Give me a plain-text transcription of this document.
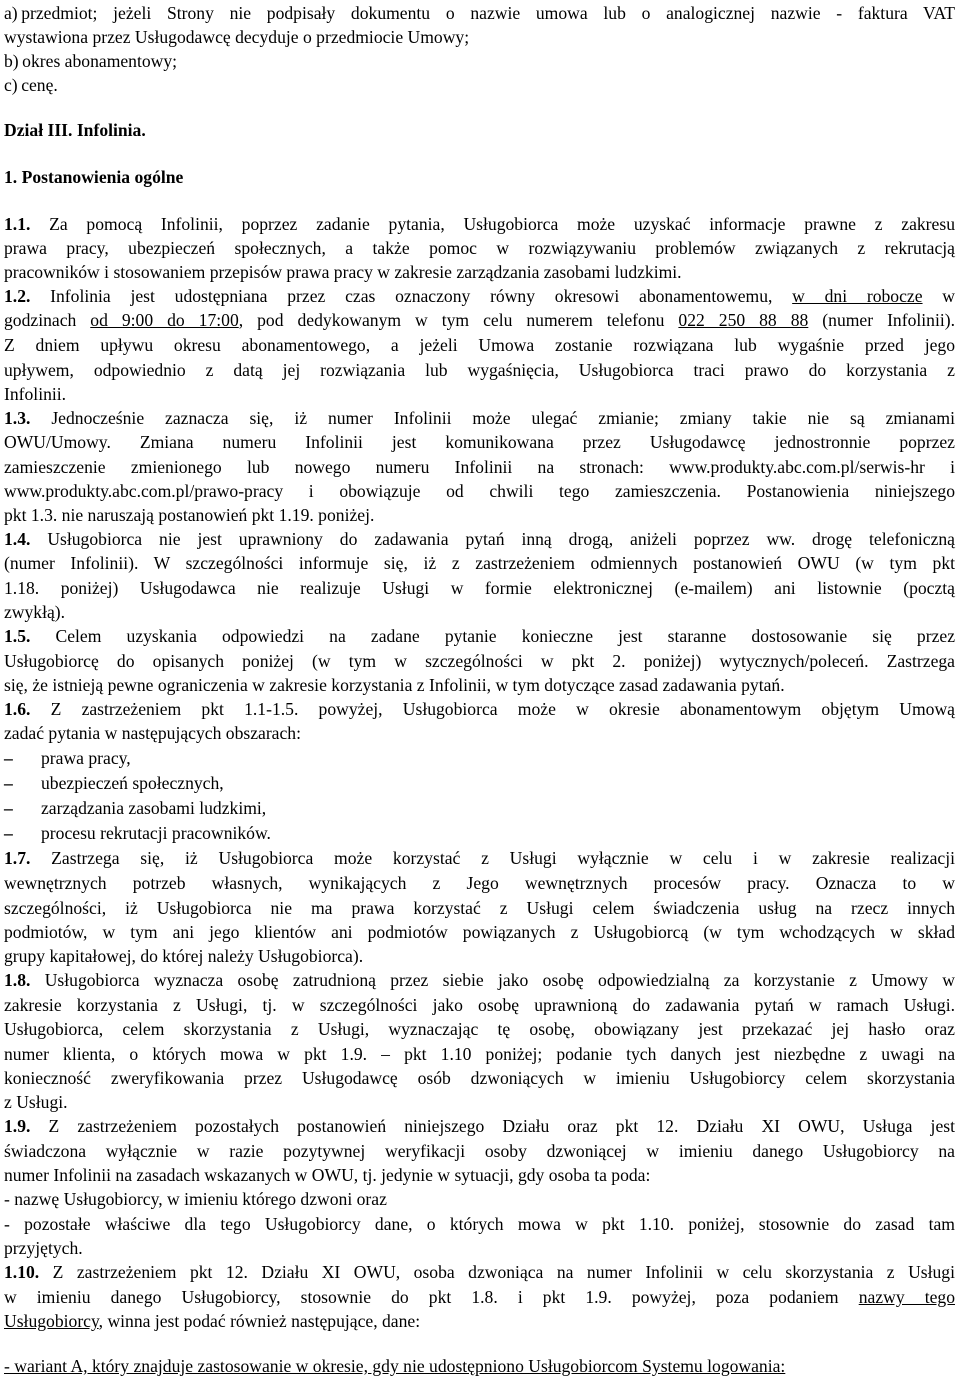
a) przedmiot; jeżeli Strony nie podpisały dokumentu o nazwie umowa lub o analogicznej nazwie - faktura VAT
wystawiona przez Usługodawcę decyduje o przedmiocie Umowy;
b) okres abonamentowy;
c) cenę.
Dział III. Infolinia.
1. Postanowienia ogólne
1.1. Za pomocą Infolinii, poprzez zadanie pytania, Usługobiorca może uzyskać informacje prawne z zakresu
prawa pracy, ubezpieczeń społecznych, a także pomoc w rozwiązywaniu problemów związanych z rekrutacją
pracowników i stosowaniem przepisów prawa pracy w zakresie zarządzania zasobami ludzkimi.
1.2. Infolinia jest udostępniana przez czas oznaczony równy okresowi abonamentowemu, w dni robocze w
godzinach od 9:00 do 17:00, pod dedykowanym w tym celu numerem telefonu 022 250 88 88 (numer Infolinii).
Z dniem upływu okresu abonamentowego, a jeżeli Umowa zostanie rozwiązana lub wygaśnie przed jego
upływem, odpowiednio z datą jej rozwiązania lub wygaśnięcia, Usługobiorca traci prawo do korzystania z
Infolinii.
1.3. Jednocześnie zaznacza się, iż numer Infolinii może ulegać zmianie; zmiany takie nie są zmianami
OWU/Umowy. Zmiana numeru Infolinii jest komunikowana przez Usługodawcę jednostronnie poprzez
zamieszczenie zmienionego lub nowego numeru Infolinii na stronach: www.produkty.abc.com.pl/serwis-hr i
www.produkty.abc.com.pl/prawo-pracy i obowiązuje od chwili tego zamieszczenia. Postanowienia niniejszego
pkt 1.3. nie naruszają postanowień pkt 1.19. poniżej.
1.4. Usługobiorca nie jest uprawniony do zadawania pytań inną drogą, aniżeli poprzez ww. drogę telefoniczną
(numer Infolinii). W szczególności informuje się, iż z zastrzeżeniem odmiennych postanowień OWU (w tym pkt
1.18. poniżej) Usługodawca nie realizuje Usługi w formie elektronicznej (e-mailem) ani listownie (pocztą
zwykłą).
1.5. Celem uzyskania odpowiedzi na zadane pytanie konieczne jest staranne dostosowanie się przez
Usługobiorcę do opisanych poniżej (w tym w szczególności w pkt 2. poniżej) wytycznych/poleceń. Zastrzega
się, że istnieją pewne ograniczenia w zakresie korzystania z Infolinii, w tym dotyczące zasad zadawania pytań.
1.6. Z zastrzeżeniem pkt 1.1-1.5. powyżej, Usługobiorca może w okresie abonamentowym objętym Umową
zadać pytania w następujących obszarach:
– prawa pracy,
– ubezpieczeń społecznych,
– zarządzania zasobami ludzkimi,
– procesu rekrutacji pracowników.
1.7. Zastrzega się, iż Usługobiorca może korzystać z Usługi wyłącznie w celu i w zakresie realizacji
wewnętrznych potrzeb własnych, wynikających z Jego wewnętrznych procesów pracy. Oznacza to w
szczególności, iż Usługobiorca nie ma prawa korzystać z Usługi celem świadczenia usług na rzecz innych
podmiotów, w tym ani jego klientów ani podmiotów powiązanych z Usługobiorcą (w tym wchodzących w skład
grupy kapitałowej, do której należy Usługobiorca).
1.8. Usługobiorca wyznacza osobę zatrudnioną przez siebie jako osobę odpowiedzialną za korzystanie z Umowy w
zakresie korzystania z Usługi, tj. w szczególności jako osobę uprawnioną do zadawania pytań w ramach Usługi.
Usługobiorca, celem skorzystania z Usługi, wyznaczając tę osobę, obowiązany jest przekazać jej hasło oraz
numer klienta, o których mowa w pkt 1.9. – pkt 1.10 poniżej; podanie tych danych jest niezbędne z uwagi na
konieczność zweryfikowania przez Usługodawcę osób dzwoniących w imieniu Usługobiorcy celem skorzystania
z Usługi.
1.9. Z zastrzeżeniem pozostałych postanowień niniejszego Działu oraz pkt 12. Działu XI OWU, Usługa jest
świadczona wyłącznie w razie pozytywnej weryfikacji osoby dzwoniącej w imieniu danego Usługobiorcy na
numer Infolinii na zasadach wskazanych w OWU, tj. jedynie w sytuacji, gdy osoba ta poda:
- nazwę Usługobiorcy, w imieniu którego dzwoni oraz
- pozostałe właściwe dla tego Usługobiorcy dane, o których mowa w pkt 1.10. poniżej, stosownie do zasad tam
przyjętych.
1.10. Z zastrzeżeniem pkt 12. Działu XI OWU, osoba dzwoniąca na numer Infolinii w celu skorzystania z Usługi
w imieniu danego Usługobiorcy, stosownie do pkt 1.8. i pkt 1.9. powyżej, poza podaniem nazwy tego
Usługobiorcy, winna jest podać również następujące, dane:
- wariant A, który znajduje zastosowanie w okresie, gdy nie udostępniono Usługobiorcom Systemu logowania:
